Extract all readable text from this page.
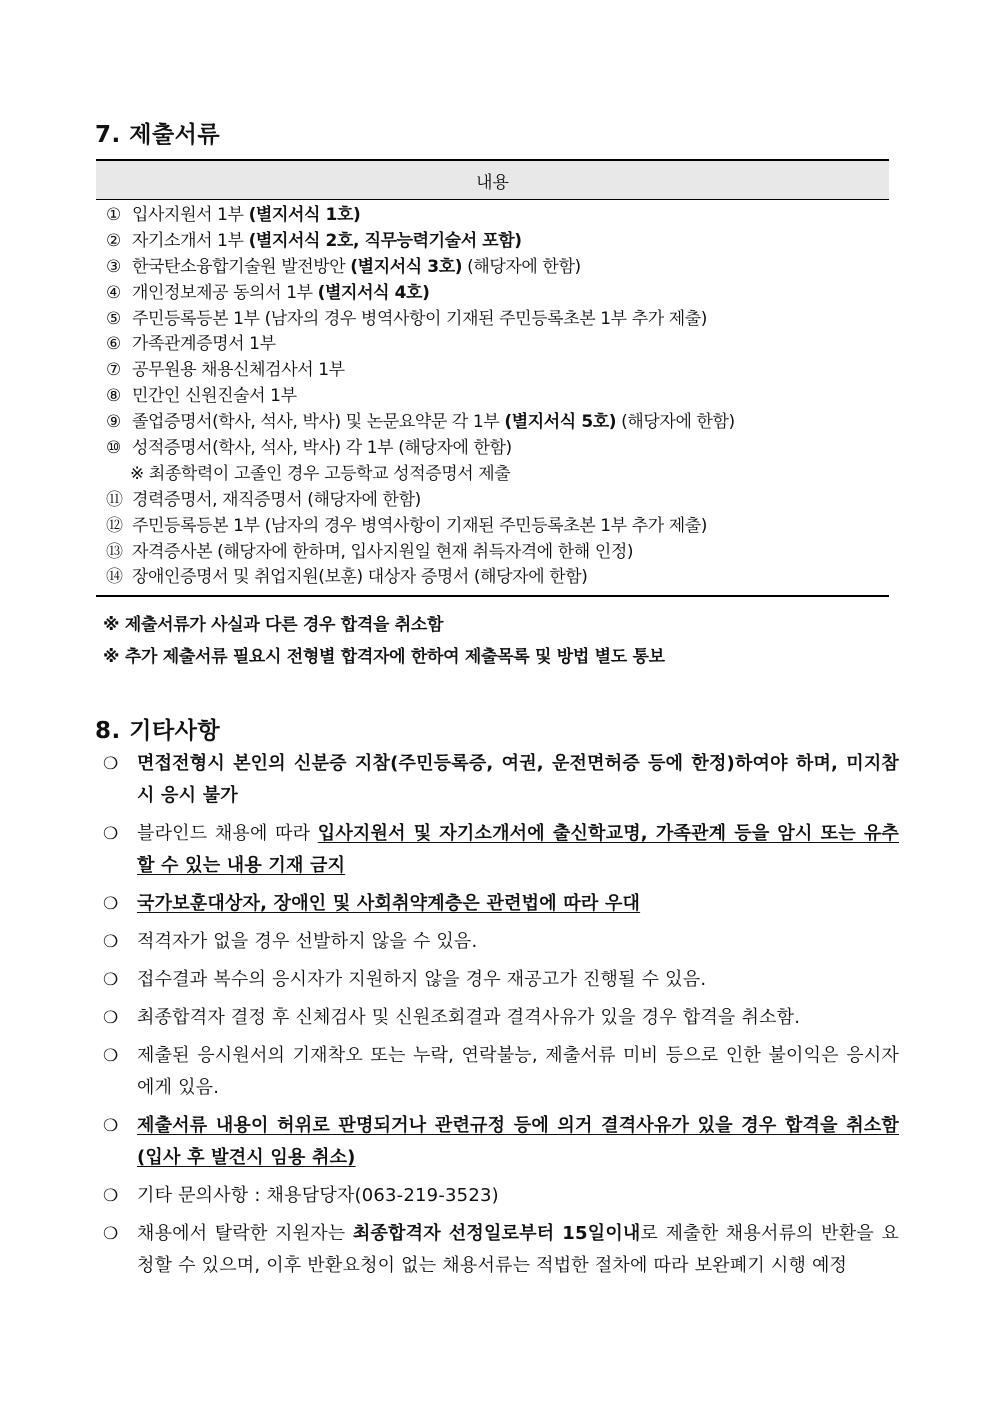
7. 제출서류
내용
① 입사지원서 1부 (별지서식 1호)
② 자기소개서 1부 (별지서식 2호, 직무능력기술서 포함)
③ 한국탄소융합기술원 발전방안 (별지서식 3호) (해당자에 한함)
④ 개인정보제공 동의서 1부 (별지서식 4호)
⑤ 주민등록등본 1부 (남자의 경우 병역사항이 기재된 주민등록초본 1부 추가 제출)
⑥ 가족관계증명서 1부
⑦ 공무원용 채용신체검사서 1부
⑧ 민간인 신원진술서 1부
⑨ 졸업증명서(학사, 석사, 박사) 및 논문요약문 각 1부 (별지서식 5호) (해당자에 한함)
⑩ 성적증명서(학사, 석사, 박사) 각 1부 (해당자에 한함)
※ 최종학력이 고졸인 경우 고등학교 성적증명서 제출
⑪ 경력증명서, 재직증명서 (해당자에 한함)
⑫ 주민등록등본 1부 (남자의 경우 병역사항이 기재된 주민등록초본 1부 추가 제출)
⑬ 자격증사본 (해당자에 한하며, 입사지원일 현재 취득자격에 한해 인정)
⑭ 장애인증명서 및 취업지원(보훈) 대상자 증명서 (해당자에 한함)
※ 제출서류가 사실과 다른 경우 합격을 취소함
※ 추가 제출서류 필요시 전형별 합격자에 한하여 제출목록 및 방법 별도 통보
8. 기타사항
❍ 면접전형시 본인의 신분증 지참(주민등록증, 여권, 운전면허증 등에 한정)하여야 하며, 미지참시 응시 불가
❍ 블라인드 채용에 따라 입사지원서 및 자기소개서에 출신학교명, 가족관계 등을 암시 또는 유추 할 수 있는 내용 기재 금지
❍ 국가보훈대상자, 장애인 및 사회취약계층은 관련법에 따라 우대
❍ 적격자가 없을 경우 선발하지 않을 수 있음.
❍ 접수결과 복수의 응시자가 지원하지 않을 경우 재공고가 진행될 수 있음.
❍ 최종합격자 결정 후 신체검사 및 신원조회결과 결격사유가 있을 경우 합격을 취소함.
❍ 제출된 응시원서의 기재착오 또는 누락, 연락불능, 제출서류 미비 등으로 인한 불이익은 응시자에게 있음.
❍ 제출서류 내용이 허위로 판명되거나 관련규정 등에 의거 결격사유가 있을 경우 합격을 취소함(입사 후 발견시 임용 취소)
❍ 기타 문의사항 : 채용담당자(063-219-3523)
❍ 채용에서 탈락한 지원자는 최종합격자 선정일로부터 15일이내로 제출한 채용서류의 반환을 요청할 수 있으며, 이후 반환요청이 없는 채용서류는 적법한 절차에 따라 보완폐기 시행 예정
